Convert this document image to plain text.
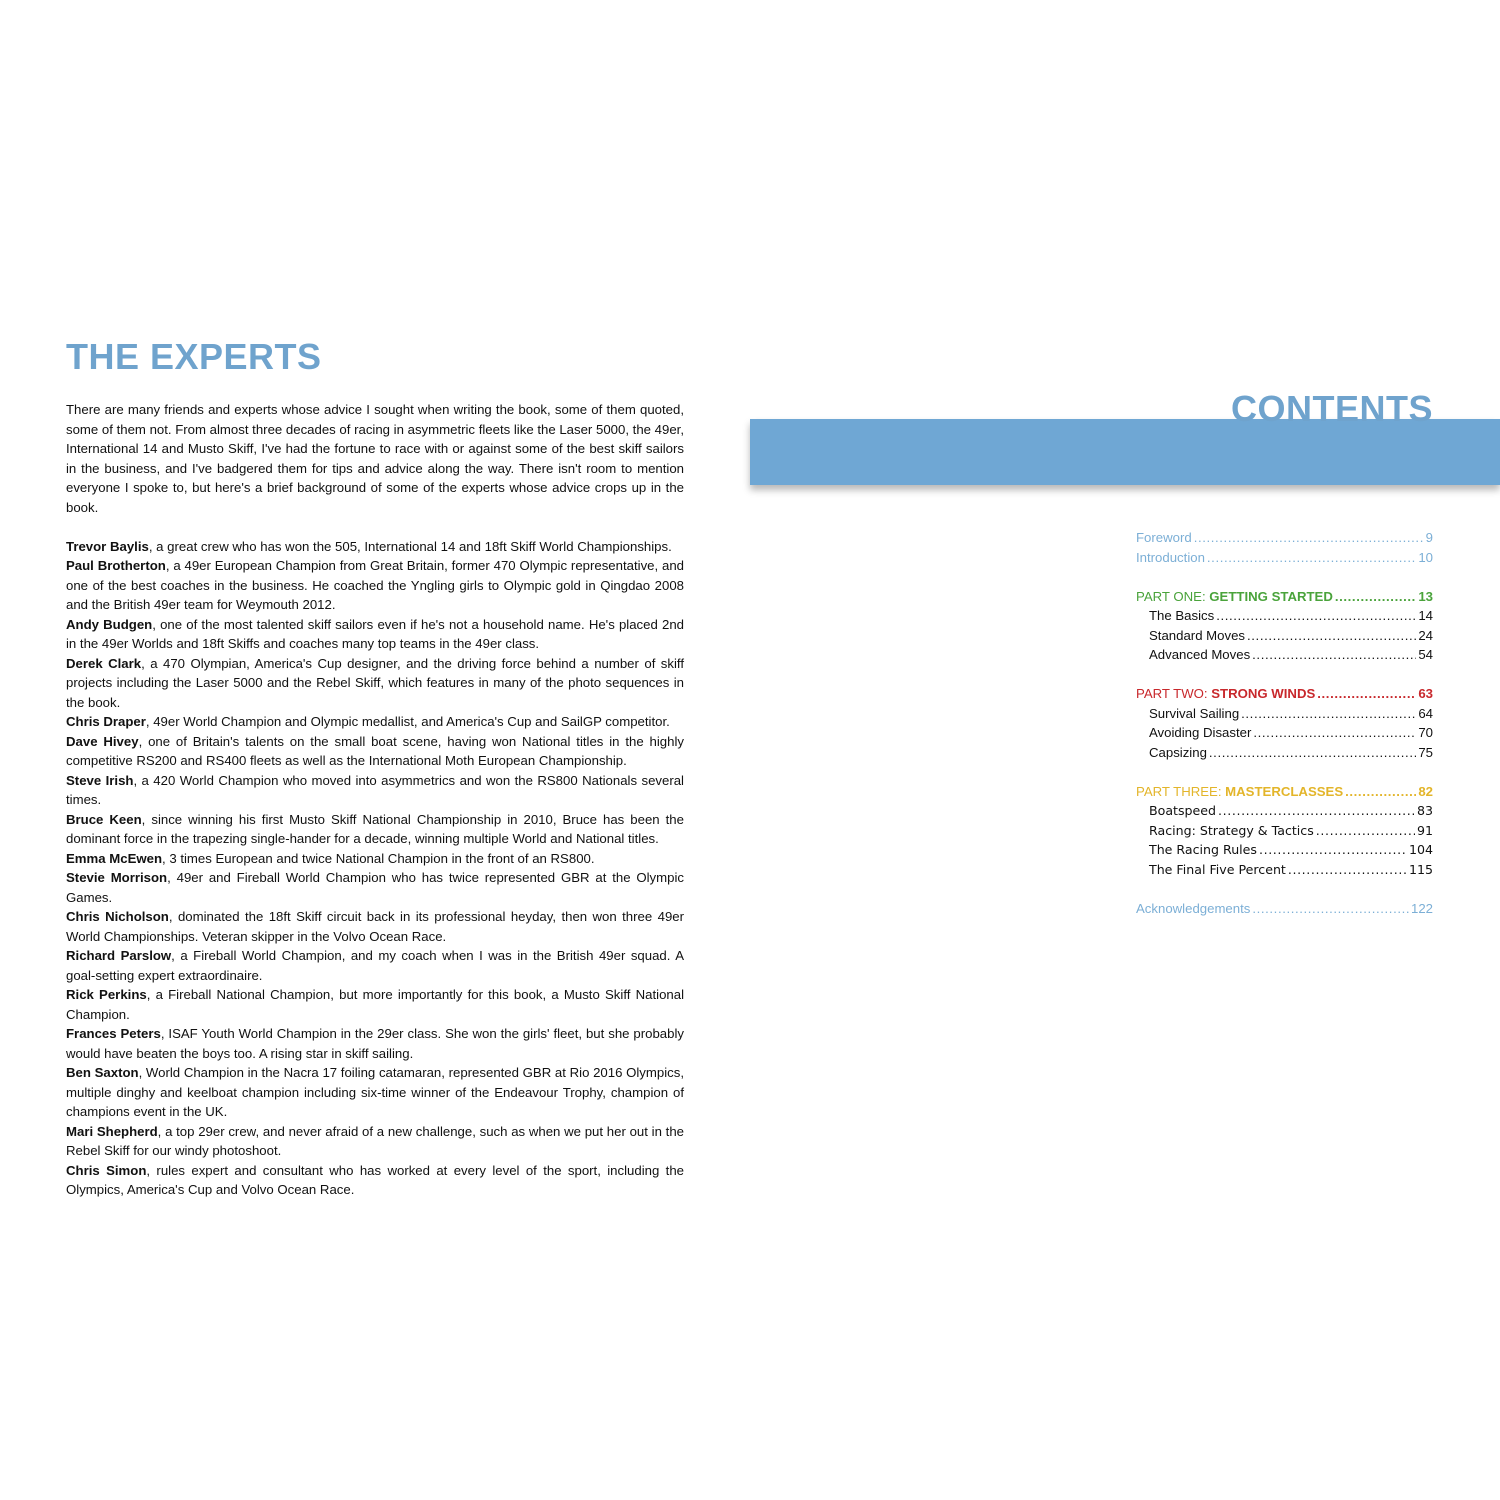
THE EXPERTS

There are many friends and experts whose advice I sought when writing the book, some of them quoted, some of them not. From almost three decades of racing in asymmetric fleets like the Laser 5000, the 49er, International 14 and Musto Skiff, I've had the fortune to race with or against some of the best skiff sailors in the business, and I've badgered them for tips and advice along the way. There isn't room to mention everyone I spoke to, but here's a brief background of some of the experts whose advice crops up in the book.

Trevor Baylis, a great crew who has won the 505, International 14 and 18ft Skiff World Championships.

Paul Brotherton, a 49er European Champion from Great Britain, former 470 Olympic representative, and one of the best coaches in the business. He coached the Yngling girls to Olympic gold in Qingdao 2008 and the British 49er team for Weymouth 2012.

Andy Budgen, one of the most talented skiff sailors even if he's not a household name. He's placed 2nd in the 49er Worlds and 18ft Skiffs and coaches many top teams in the 49er class.

Derek Clark, a 470 Olympian, America's Cup designer, and the driving force behind a number of skiff projects including the Laser 5000 and the Rebel Skiff, which features in many of the photo sequences in the book.

Chris Draper, 49er World Champion and Olympic medallist, and America's Cup and SailGP competitor.

Dave Hivey, one of Britain's talents on the small boat scene, having won National titles in the highly competitive RS200 and RS400 fleets as well as the International Moth European Championship.

Steve Irish, a 420 World Champion who moved into asymmetrics and won the RS800 Nationals several times.

Bruce Keen, since winning his first Musto Skiff National Championship in 2010, Bruce has been the dominant force in the trapezing single-hander for a decade, winning multiple World and National titles.

Emma McEwen, 3 times European and twice National Champion in the front of an RS800.

Stevie Morrison, 49er and Fireball World Champion who has twice represented GBR at the Olympic Games.

Chris Nicholson, dominated the 18ft Skiff circuit back in its professional heyday, then won three 49er World Championships. Veteran skipper in the Volvo Ocean Race.

Richard Parslow, a Fireball World Champion, and my coach when I was in the British 49er squad. A goal-setting expert extraordinaire.

Rick Perkins, a Fireball National Champion, but more importantly for this book, a Musto Skiff National Champion.

Frances Peters, ISAF Youth World Champion in the 29er class. She won the girls' fleet, but she probably would have beaten the boys too. A rising star in skiff sailing.

Ben Saxton, World Champion in the Nacra 17 foiling catamaran, represented GBR at Rio 2016 Olympics, multiple dinghy and keelboat champion including six-time winner of the Endeavour Trophy, champion of champions event in the UK.

Mari Shepherd, a top 29er crew, and never afraid of a new challenge, such as when we put her out in the Rebel Skiff for our windy photoshoot.

Chris Simon, rules expert and consultant who has worked at every level of the sport, including the Olympics, America's Cup and Volvo Ocean Race.

CONTENTS
Foreword .....	9
Introduction .....	10
PART ONE: GETTING STARTED .....	13
The Basics .....	14
Standard Moves .....	24
Advanced Moves .....	54
PART TWO: STRONG WINDS .....	63
Survival Sailing .....	64
Avoiding Disaster .....	70
Capsizing .....	75
PART THREE: MASTERCLASSES .....	82
Boatspeed .....	83
Racing: Strategy & Tactics .....	91
The Racing Rules .....	104
The Final Five Percent .....	115
Acknowledgements .....	122
